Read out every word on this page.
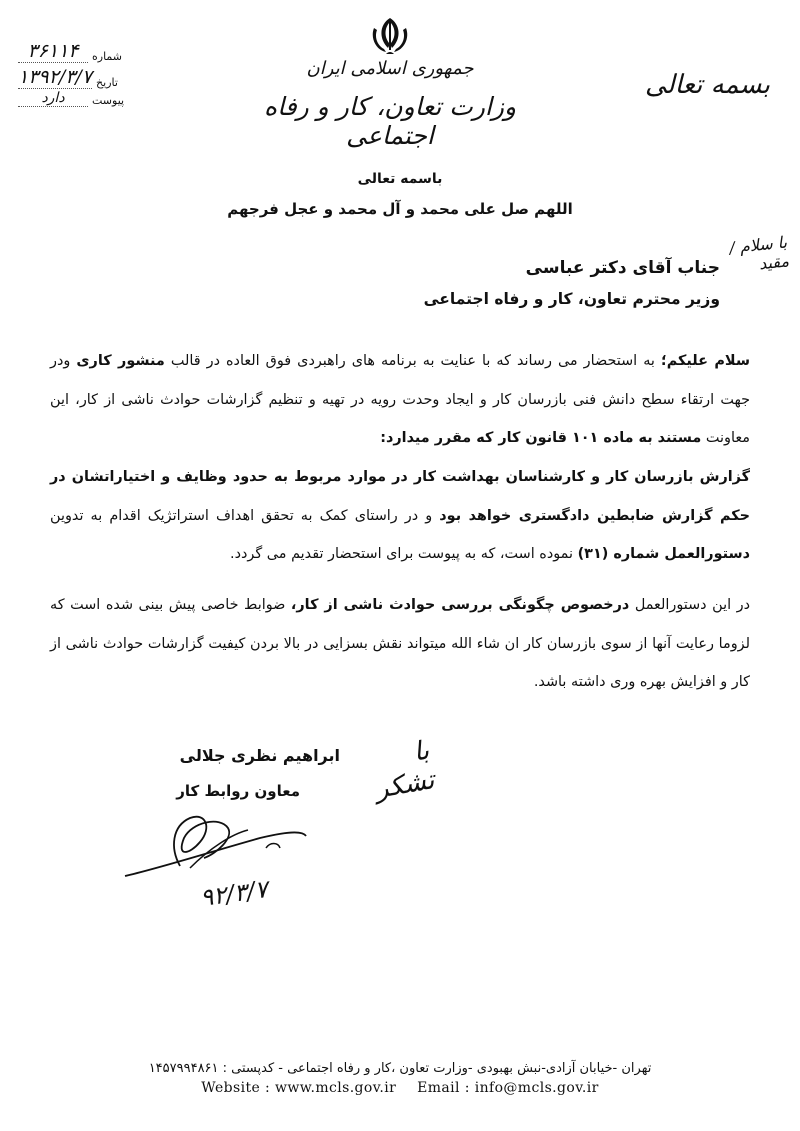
جمهوری اسلامی ایران
وزارت تعاون، کار و رفاه اجتماعی
بسمه تعالی
۳۶۱۱۴	شماره
۱۳۹۲/۳/۷ تاریخ
دارد	پیوست
باسمه تعالی
اللهم صل علی محمد و آل محمد و عجل فرجهم
با سلام / مقید
جناب آقای دکتر عباسی
وزیر محترم تعاون، کار و رفاه اجتماعی
سلام علیکم؛ به استحضار می رساند که با عنایت به برنامه های راهبردی فوق العاده در قالب منشور کاری ودر جهت ارتقاء سطح دانش فنی بازرسان کار و ایجاد وحدت رویه در تهیه و تنظیم گزارشات حوادث ناشی از کار، این معاونت مستند به ماده ۱۰۱ قانون کار که مقرر میدارد:
گزارش بازرسان کار و کارشناسان بهداشت کار در موارد مربوط به حدود وظایف و اختیاراتشان در حکم گزارش ضابطین دادگستری خواهد بود و در راستای کمک به تحقق اهداف استراتژیک اقدام به تدوین دستورالعمل شماره (۳۱) نموده است، که به پیوست برای استحضار تقدیم می گردد.
در این دستورالعمل درخصوص چگونگی بررسی حوادث ناشی از کار، ضوابط خاصی پیش بینی شده است که لزوما رعایت آنها از سوی بازرسان کار ان شاء الله میتواند نقش بسزایی در بالا بردن کیفیت گزارشات حوادث ناشی از کار و افزایش بهره وری داشته باشد.
با تشکر
ابراهیم نظری جلالی
معاون روابط کار
۹۲/۳/۷
تهران -خیابان آزادی-نبش بهبودی -وزارت تعاون ،کار و رفاه اجتماعی - کدپستی : ۱۴۵۷۹۹۴۸۶۱
Website : www.mcls.gov.ir Email : info@mcls.gov.ir
